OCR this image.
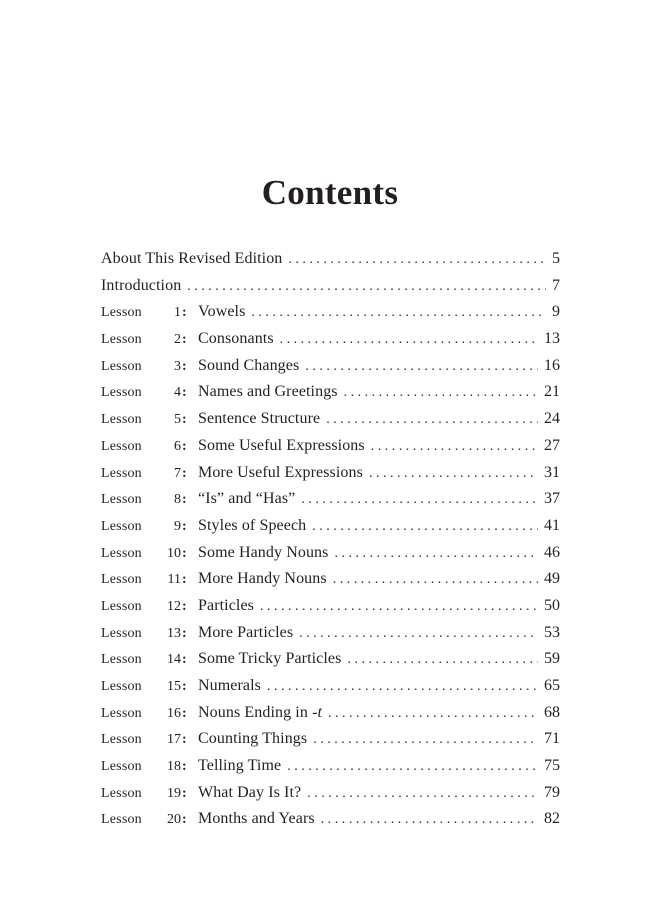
Contents
About This Revised Edition . . .	5
Introduction . . .	7
Lesson	1 : Vowels . . .	9
Lesson	2 : Consonants . . .	13
Lesson	3 : Sound Changes . . .	16
Lesson	4 : Names and Greetings . . .	21
Lesson	5 : Sentence Structure . . .	24
Lesson	6 : Some Useful Expressions . . .	27
Lesson	7 : More Useful Expressions . . .	31
Lesson	8 : “Is” and “Has” . . .	37
Lesson	9 : Styles of Speech . . .	41
Lesson	10 : Some Handy Nouns . . .	46
Lesson	11 : More Handy Nouns . . .	49
Lesson	12 : Particles . . .	50
Lesson	13 : More Particles . . .	53
Lesson	14 : Some Tricky Particles . . .	59
Lesson	15 : Numerals . . .	65
Lesson	16 : Nouns Ending in -t . . .	68
Lesson	17 : Counting Things . . .	71
Lesson	18 : Telling Time . . .	75
Lesson	19 : What Day Is It? . . .	79
Lesson	20 : Months and Years . . .	82
